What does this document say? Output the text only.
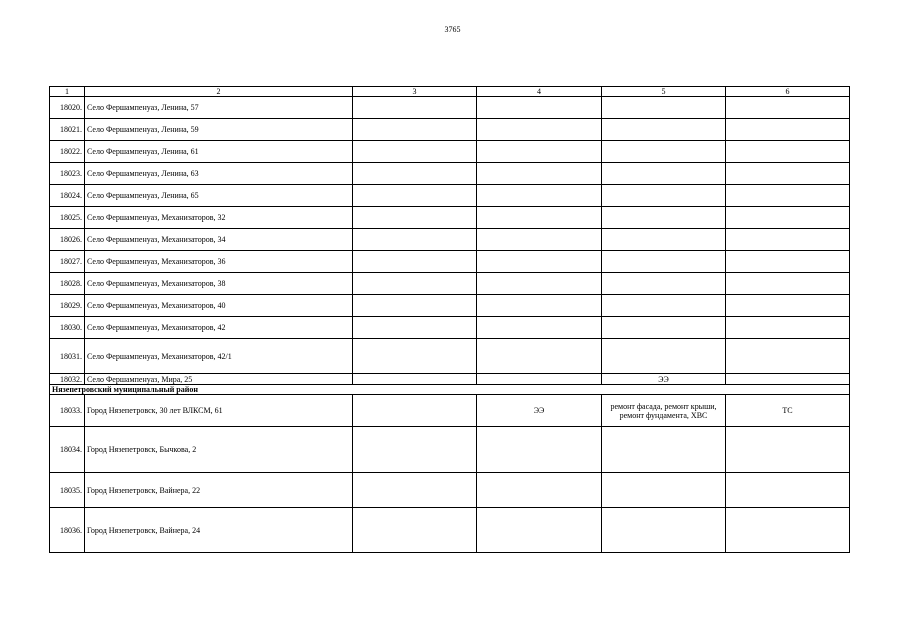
3765
1	2	3	4	5	6
18020.	Село Фершампенуаз, Ленина, 57				
18021.	Село Фершампенуаз, Ленина, 59				
18022.	Село Фершампенуаз, Ленина, 61				
18023.	Село Фершампенуаз, Ленина, 63				
18024.	Село Фершампенуаз, Ленина, 65				
18025.	Село Фершампенуаз, Механизаторов, 32				
18026.	Село Фершампенуаз, Механизаторов, 34				
18027.	Село Фершампенуаз, Механизаторов, 36				
18028.	Село Фершампенуаз, Механизаторов, 38				
18029.	Село Фершампенуаз, Механизаторов, 40				
18030.	Село Фершампенуаз, Механизаторов, 42				
18031.	Село Фершампенуаз, Механизаторов, 42/1				
18032.	Село Фершампенуаз, Мира, 25			ЭЭ	
Нязепетровский муниципальный район					
18033.	Город Нязепетровск, 30 лет ВЛКСМ, 61		ЭЭ	ремонт фасада, ремонт крыши, ремонт фундамента, ХВС	ТС
18034.	Город Нязепетровск, Бычкова, 2				
18035.	Город Нязепетровск, Вайнера, 22				
18036.	Город Нязепетровск, Вайнера, 24				
